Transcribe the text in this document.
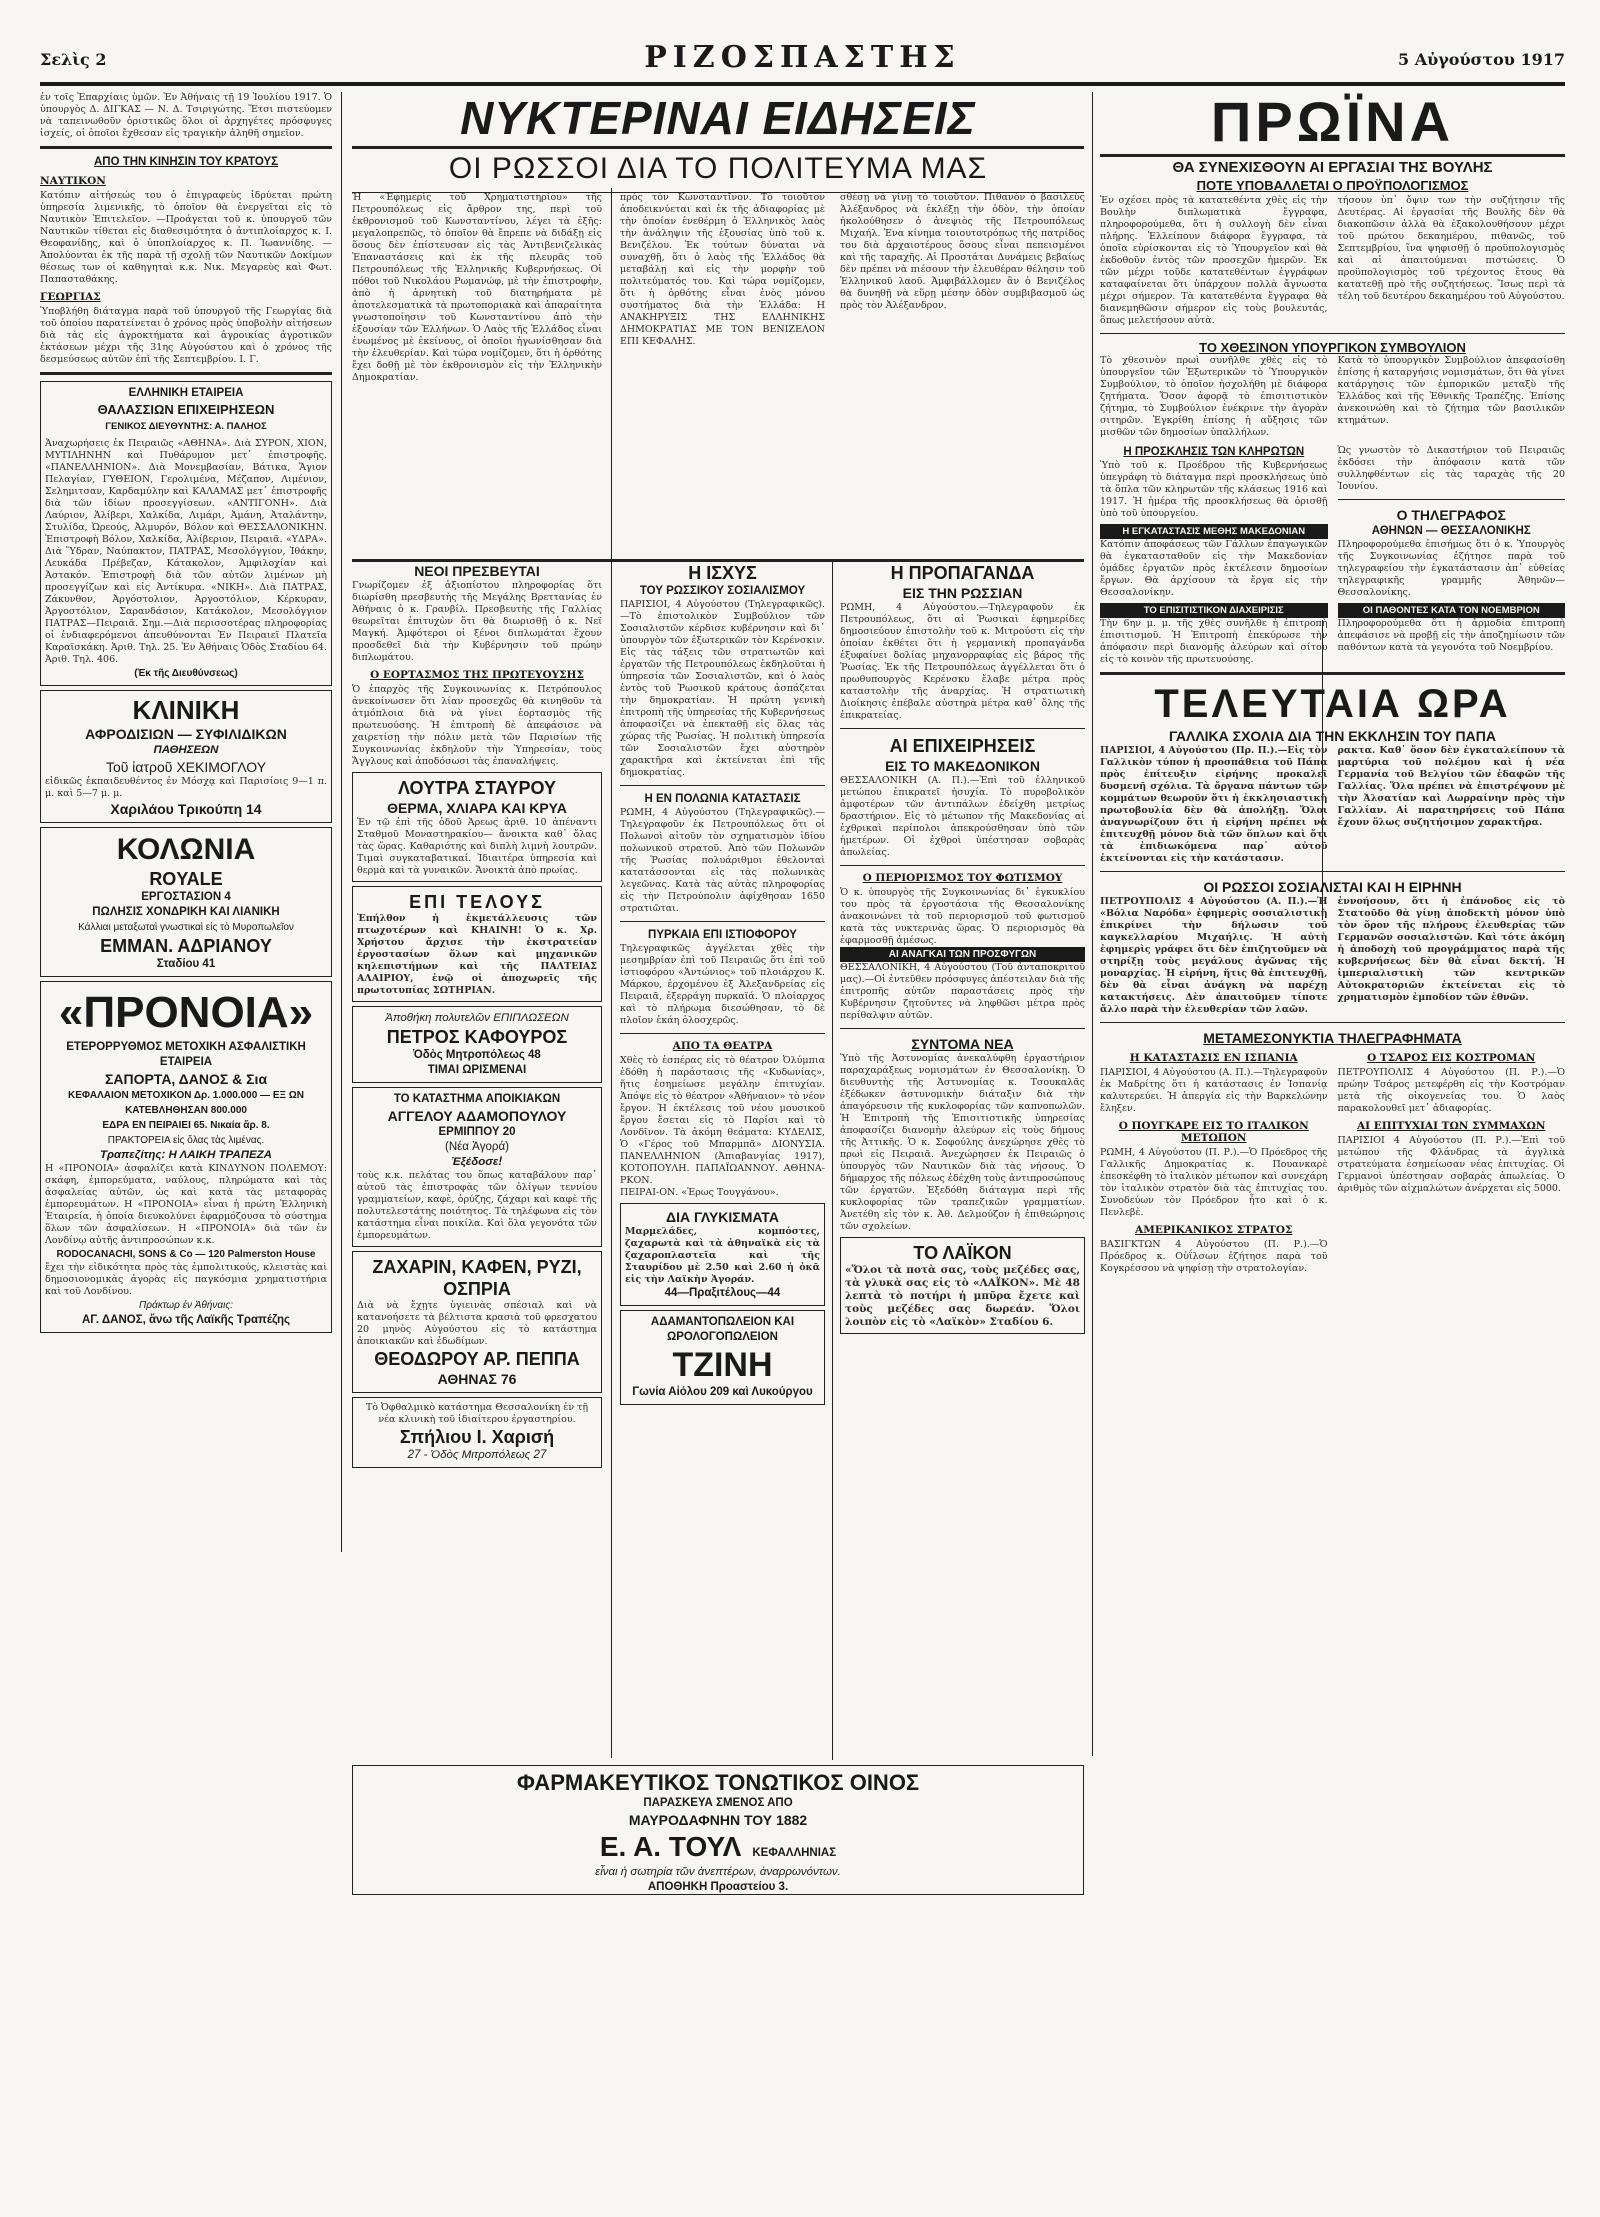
Σελὶς 2	ΡΙΖΟΣΠΑΣΤΗΣ	5 Αὐγούστου 1917

ἐν τοῖς Ἐπαρχίαις ὑμῶν. Ἐν Ἀθήναις τῇ 19 Ἰουλίου 1917. Ὁ ὑπουργὸς Δ. ΔΙΓΚΑΣ — Ν. Δ. Τσιριγώτης. Ἔτσι πιστεύομεν νὰ ταπεινωθοῦν ὁριστικῶς ὅλοι οἱ ἀρχηγέτες πρόσφυγες ἰσχείς, οἱ ὁποῖοι ἔχθεσαν εἰς τραγικὴν ἀληθῆ σημεῖον.

ΑΠΟ ΤΗΝ ΚΙΝΗΣΙΝ ΤΟΥ ΚΡΑΤΟΥΣ
ΝΑΥΤΙΚΟΝ

Κατόπιν αἰτήσεώς του ὁ ἐπιγραφεὺς ἰδρύεται πρώτη ὑπηρεσία λιμενικῆς, τὸ ὁποῖον θὰ ἐνεργεῖται εἰς τὸ Ναυτικὸν Ἐπιτελεῖον. —Προάγεται τοῦ κ. ὑπουργοῦ τῶν Ναυτικῶν τίθεται εἰς διαθεσιμότητα ὁ ἀντιπλοίαρχος κ. Ι. Θεοφανίδης, καὶ ὁ ὑποπλοίαρχος κ. Π. Ἰωαννίδης. —Ἀπολύονται ἐκ τῆς παρὰ τῇ σχολῇ τῶν Ναυτικῶν Δοκίμων θέσεως των οἱ καθηγηταὶ κ.κ. Νικ. Μεγαρεὺς καὶ Φωτ. Παπασταθάκης.

ΓΕΩΡΓΙΑΣ

Ὑποβλήθη διάταγμα παρὰ τοῦ ὑπουργοῦ τῆς Γεωργίας διὰ τοῦ ὁποίου παρατείνεται ὁ χρόνος πρὸς ὑποβολὴν αἰτήσεων διὰ τὰς εἰς ἀγροκτήματα καὶ ἀγροικίας ἀγροτικῶν ἐκτάσεων μέχρι τῆς 31ης Αὐγούστου καὶ ὁ χρόνος τῆς δεσμεύσεως αὐτῶν ἐπὶ τῆς Σεπτεμβρίου. Ι. Γ.

ΕΛΛΗΝΙΚΗ ΕΤΑΙΡΕΙΑ
ΘΑΛΑΣΣΙΩΝ ΕΠΙΧΕΙΡΗΣΕΩΝ
ΓΕΝΙΚΟΣ ΔΙΕΥΘΥΝΤΗΣ: Α. ΠΑΛΗΟΣ

Ἀναχωρήσεις ἐκ Πειραιῶς «ΑΘΗΝΑ». Διὰ ΣΥΡΟΝ, ΧΙΟΝ, ΜΥΤΙΛΗΝΗΝ καὶ Πυθάρυμον μετ᾽ ἐπιστροφῆς. «ΠΑΝΕΛΛΗΝΙΟΝ». Διὰ Μονεμβασίαν, Βάτικα, Ἅγιον Πελαγίαν, ΓΥΘΕΙΟΝ, Γερολιμένα, Μέζαπον, Λιμένιον, Σελημιτσαν, Καρδαμύλην καὶ ΚΑΛΑΜΑΣ μετ᾽ ἐπιστροφῆς διὰ τῶν ἰδίων προσεγγίσεων. «ΑΝΤΙΓΟΝΗ». Διὰ Λαύριον, Ἀλίβερι, Χαλκίδα, Λιμάρι, Ἀμάνη, Ἀταλάντην, Στυλίδα, Ὠρεούς, Ἀλμυρόν, Βόλον καὶ ΘΕΣΣΑΛΟΝΙΚΗΝ. Ἐπιστροφὴ Βόλον, Χαλκίδα, Ἀλίβεριον, Πειραιᾶ. «ΥΔΡΑ». Διὰ Ὕδραν, Ναύπακτον, ΠΑΤΡΑΣ, Μεσολόγγιον, Ἰθάκην, Λευκάδα Πρέβεζαν, Κάτακολον, Ἀμφιλοχίαν καὶ Ἀστακόν. Ἐπιστροφὴ διὰ τῶν αὐτῶν λιμένων μὴ προσεγγίζων καὶ εἰς Ἀντίκυρα. «ΝΙΚΗ». Διὰ ΠΑΤΡΑΣ, Ζάκυνθον, Ἀργόστολιον, Ἀργοστόλιον, Κέρκυραν, Ἀργοστόλιον, Σαρανδάσιον, Κατάκολον, Μεσολόγγιον ΠΑΤΡΑΣ—Πειραιᾶ. Σημ.—Διὰ περισσοτέρας πληροφορίας οἱ ἐνδιαφερόμενοι ἀπευθύνονται Ἐν Πειραιεῖ Πλατεῖα Καραϊσκάκη. Ἀριθ. Τηλ. 25. Ἐν Ἀθήναις Ὁδὸς Σταδίου 64. Ἀριθ. Τηλ. 406.

(Ἐκ τῆς Διευθύνσεως)
ΚΛΙΝΙΚΗ
ΑΦΡΟΔΙΣΙΩΝ — ΣΥΦΙΛΙΔΙΚΩΝ
ΠΑΘΗΣΕΩΝ
Τοῦ ἰατροῦ ΧΕΚΙΜΟΓΛΟΥ

εἰδικῶς ἐκπαιδευθέντος ἐν Μόσχᾳ καὶ Παρισίοις 9—1 π. μ. καὶ 5—7 μ. μ.

Χαριλάου Τρικούπη 14
ΚΟΛΩΝΙΑ
ROYALE
ΕΡΓΟΣΤΑΣΙΟΝ 4
ΠΩΛΗΣΙΣ ΧΟΝΔΡΙΚΗ ΚΑΙ ΛΙΑΝΙΚΗ
Κάλλιαι μεταξωταὶ γνωστικαὶ εἰς τὸ Μυροπωλεῖον
ΕΜΜΑΝ. ΑΔΡΙΑΝΟΥ
Σταδίου 41
«ΠΡΟΝΟΙΑ»
ΕΤΕΡΟΡΡΥΘΜΟΣ ΜΕΤΟΧΙΚΗ ΑΣΦΑΛΙΣΤΙΚΗ ΕΤΑΙΡΕΙΑ
ΣΑΠΟΡΤΑ, ΔΑΝΟΣ & Σια
ΚΕΦΑΛΑΙΟΝ ΜΕΤΟΧΙΚΟΝ Δρ. 1.000.000 — ΕΞ ΩΝ ΚΑΤΕΒΛΗΘΗΣΑΝ 800.000
ΕΔΡΑ ΕΝ ΠΕΙΡΑΙΕΙ 65. Νικαία ἄρ. 8.
ΠΡΑΚΤΟΡΕΙΑ εἰς ὅλας τὰς λιμένας.
Τραπεζίτης: Η ΛΑΙΚΗ ΤΡΑΠΕΖΑ

Η «ΠΡΟΝΟΙΑ» ἀσφαλίζει κατὰ ΚΙΝΔΥΝΟΝ ΠΟΛΕΜΟΥ: σκάφη, ἐμπορεύματα, ναύλους, πληρώματα καὶ τὰς ἀσφαλείας αὐτῶν, ὡς καὶ κατὰ τὰς μεταφορὰς ἐμπορευμάτων. Η «ΠΡΟΝΟΙΑ» εἶναι ἡ πρώτη Ἑλληνικὴ Ἑταιρεία, ἡ ὁποία διευκολύνει ἐφαρμόζουσα τὸ σύστημα ὅλων τῶν ἀσφαλίσεων. Η «ΠΡΟΝΟΙΑ» διὰ τῶν ἐν Λονδίνῳ αὐτῆς ἀντιπροσώπων κ.κ.

RODOCANACHI, SONS & Co — 120 Palmerston House

ἔχει τὴν εἰδικότητα πρὸς τὰς ἐμπολιτικούς, κλειστὰς καὶ δημοσιονομικὰς ἀγορὰς εἰς παγκόσμια χρηματιστήρια καὶ τοῦ Λονδίνου.

Πράκτωρ ἐν Ἀθήναις:
ΑΓ. ΔΑΝΟΣ, ἄνω τῆς Λαϊκῆς Τραπέζης
ΝΥΚΤΕΡΙΝΑΙ ΕΙΔΗΣΕΙΣ
ΟΙ ΡΩΣΣΟΙ ΔΙΑ ΤΟ ΠΟΛΙΤΕΥΜΑ ΜΑΣ

Ἡ «Ἐφημερὶς τοῦ Χρηματιστηρίου» τῆς Πετρουπόλεως εἰς ἄρθρον της, περὶ τοῦ ἐκθρονισμοῦ τοῦ Κωνσταντίνου, λέγει τὰ ἑξῆς: μεγαλοπρεπῶς, τὸ ὁποῖον θὰ ἔπρεπε νὰ διδάξῃ εἰς ὅσους δὲν ἐπίστευσαν εἰς τὰς Ἀντιβενιζελικὰς Ἐπαναστάσεις καὶ ἐκ τῆς πλευρᾶς τοῦ Πετρουπόλεως τῆς Ἑλληνικῆς Κυβερνήσεως. Οἱ πόθοι τοῦ Νικολάου Ρωμανώφ, μὲ τὴν ἐπιστροφὴν, ἀπὸ ἡ ἀρνητικὴ τοῦ διατηρήματα μὲ ἀποτελεσματικὰ τὰ πρωτοποριακὰ καὶ ἀπαραίτητα γνωστοποίησιν τοῦ Κωνσταντίνου ἀπὸ τὴν ἐξουσίαν τῶν Ἑλλήνων. Ὁ Λαὸς τῆς Ἑλλάδος εἶναι ἐνωμένος μὲ ἐκείνους, οἱ ὁποῖοι ἠγωνίσθησαν διὰ τὴν ἐλευθερίαν. Καὶ τώρα νομίζομεν, ὅτι ἡ ὀρθότης ἔχει δοθῇ μὲ τὸν ἐκθρονισμὸν εἰς τὴν Ἑλληνικὴν Δημοκρατίαν.

πρὸς τὸν Κωνσταντῖνον. Τὸ τοιοῦτον ἀποδεικνύεται καὶ ἐκ τῆς ἀδιαφορίας μὲ τὴν ὁποίαν ἐνεθέρμη ὁ Ἑλληνικὸς λαὸς τὴν ἀνάληψιν τῆς ἐξουσίας ὑπὸ τοῦ κ. Βενιζέλου. Ἐκ τούτων δύναται νὰ συναχθῇ, ὅτι ὁ λαὸς τῆς Ἑλλάδος θὰ μεταβάλῃ καὶ εἰς τὴν μορφὴν τοῦ πολιτεύματός του. Καὶ τώρα νομίζομεν, ὅτι ἡ ὀρθότης εἶναι ἐνὸς μόνου συστήματος διὰ τὴν Ἑλλάδα: Η ΑΝΑΚΗΡΥΞΙΣ ΤΗΣ ΕΛΛΗΝΙΚΗΣ ΔΗΜΟΚΡΑΤΙΑΣ ΜΕ ΤΟΝ ΒΕΝΙΖΕΛΟΝ ΕΠΙ ΚΕΦΑΛΗΣ.

σθέσῃ νὰ γίνῃ τὸ τοιοῦτον. Πιθανὸν ὁ βασιλεὺς Ἀλέξανδρος νὰ ἐκλέξῃ τὴν ὁδὸν, τὴν ὁποίαν ἠκολούθησεν ὁ ἀνεψιὸς τῆς Πετρουπόλεως Μιχαήλ. Ἐνα κίνημα τοιουτοτρόπως τῆς πατρίδος του διὰ ἀρχαιοτέρους ὅσους εἶναι πεπεισμένοι καὶ τῆς ταραχῆς. Αἱ Προστάται Δυνάμεις βεβαίως δὲν πρέπει νὰ πιέσουν τὴν ἐλευθέραν θέλησιν τοῦ Ἑλληνικοῦ λαοῦ. Ἀμφιβάλλομεν ἂν ὁ Βενιζέλος θὰ δυνηθῇ νὰ εὕρῃ μέσην ὁδὸν συμβιβασμοῦ ὡς πρὸς τὸν Ἀλέξανδρον.

ΝΕΟΙ ΠΡΕΣΒΕΥΤΑΙ

Γνωρίζομεν ἐξ ἀξιοπίστου πληροφορίας ὅτι διωρίσθη πρεσβευτὴς τῆς Μεγάλης Βρεττανίας ἐν Ἀθήναις ὁ κ. Γρανβίλ. Πρεσβευτὴς τῆς Γαλλίας θεωρεῖται ἐπιτυχὼν ὅτι θὰ διωρισθῇ ὁ κ. Νεϊ Μαγκή. Ἀμφότεροι οἱ ξένοι διπλωμάται ἔχουν προσδεθεῖ διὰ τὴν Κυβέρνησιν τοῦ πρώην διπλωμάτου.

Ο ΕΟΡΤΑΣΜΟΣ ΤΗΣ ΠΡΩΤΕΥΟΥΣΗΣ

Ὁ ἐπαρχὸς τῆς Συγκοινωνίας κ. Πετρόπουλος ἀνεκοίνωσεν ὅτι λίαν προσεχῶς θὰ κινηθοῦν τὰ ἀτμόπλοια διὰ νὰ γίνει ἑορτασμὸς τῆς πρωτευούσης. Ἡ ἐπιτροπὴ δὲ ἀπεφάσισε νὰ χαιρετίσῃ τὴν πόλιν μετὰ τῶν Παρισίων τῆς Συγκοινωνίας ἐκδηλοῦν τὴν Ὑπηρεσίαν, τοὺς Ἄγγλους καὶ ἀποδόσωσι τὰς ἐπαναλήψεις.

ΛΟΥΤΡΑ ΣΤΑΥΡΟΥ
ΘΕΡΜΑ, ΧΛΙΑΡΑ ΚΑΙ ΚΡΥΑ

Ἐν τῷ ἐπὶ τῆς ὁδοῦ Ἀρεως ἀριθ. 10 ἀπέναντι Σταθμοῦ Μοναστηρακίου— ἄνοικτα καθ᾽ ὅλας τὰς ὥρας. Καθαριότης καὶ διπλὴ λιμνὴ λουτρῶν. Τιμαὶ συγκαταβατικαί. Ἰδιαιτέρα ὑπηρεσία καὶ θερμὰ καὶ τὰ γυναικῶν. Ἄνοικτὰ ἀπὸ πρωίας.

ΕΠΙ ΤΕΛΟΥΣ

Ἐπήλθον ἡ ἐκμετάλλευσις τῶν πτωχοτέρων καὶ ΚΗΑΙΝΗ! Ὁ κ. Χρ. Χρήστου ἄρχισε τὴν ἐκστρατείαν ἐργοστασίων ὅλων καὶ μηχανικῶν κηλεπιστήμων καὶ τῆς ΠΑΛΤΕΙΑΣ ΑΛΑΙΡΙΟΥ, ἐνῷ οἱ ἀποχωρεῖς τῆς πρωτοτυπίας ΣΩΤΗΡΙΑΝ.

Ἀποθήκη πολυτελῶν ΕΠΙΠΛΩΣΕΩΝ
ΠΕΤΡΟΣ ΚΑΦΟΥΡΟΣ
Ὁδὸς Μητροπόλεως 48
ΤΙΜΑΙ ΩΡΙΣΜΕΝΑΙ
ΤΟ ΚΑΤΑΣΤΗΜΑ ΑΠΟΙΚΙΑΚΩΝ
ΑΓΓΕΛΟΥ ΑΔΑΜΟΠΟΥΛΟΥ
ΕΡΜΙΠΠΟΥ 20
(Νέα Ἀγορά)
Ἐξέδοσε!

τοὺς κ.κ. πελάτας του ὅπως καταβάλουν παρ᾽ αὐτοῦ τὰς ἐπιστροφὰς τῶν ὀλίγων τεννίου γραμματείων, καφὲ, ὀρύζης, ζάχαρι καὶ καφὲ τῆς πολυτελεστάτης ποιότητος. Τὰ τηλέφωνα εἰς τὸν κατάστημα εἶναι ποικίλα. Καὶ ὅλα γεγονότα τῶν ἐμπορευμάτων.

ΖΑΧΑΡΙΝ, ΚΑΦΕΝ, ΡΥΖΙ, ΟΣΠΡΙΑ

Διὰ νὰ ἔχῃτε ὑγιεινὰς σπέσιαλ καὶ νὰ κατανοήσετε τὰ βέλτιστα κρασιὰ τοῦ φρεσχατου 20 μηνὸς Αὐγούστου εἰς τὸ κατάστημα ἀποικιακῶν καὶ ἐδωδίμων.

ΘΕΟΔΩΡΟΥ ΑΡ. ΠΕΠΠΑ
ΑΘΗΝΑΣ 76

Τὸ Ὀφθαλμικὸ κατάστημα Θεσσαλονίκη ἐν τῇ νέα κλινικὴ τοῦ ἰδιαίτερου ἐργαστηρίου.

Σπήλιου Ι. Χαρισή
27 - Ὁδὸς Μιτροπόλεως 27
Η ΙΣΧΥΣ
ΤΟΥ ΡΩΣΣΙΚΟΥ ΣΟΣΙΑΛΙΣΜΟΥ

ΠΑΡΙΣΙΟΙ, 4 Αὐγούστου (Τηλεγραφικῶς).—Τὸ ἐπιστολικὸν Συμβούλιον τῶν Σοσιαλιστῶν κέρδισε κυβέρνησιν καὶ δι᾽ ὑπουργὸν τῶν ἐξωτερικῶν τὸν Κερένσκιν. Εἰς τὰς τάξεις τῶν στρατιωτῶν καὶ ἐργατῶν τῆς Πετρουπόλεως ἐκδηλοῦται ἡ ὑπηρεσία τῶν Σοσιαλιστῶν, καὶ ὁ λαὸς ἐντὸς τοῦ Ῥωσικοῦ κράτους ἀσπάζεται τὴν δημοκρατίαν. Ἡ πρώτη γενικὴ ἐπιτροπὴ τῆς ὑπηρεσίας τῆς Κυβερνήσεως ἀποφασίζει νὰ ἐπεκταθῇ εἰς ὅλας τὰς χώρας τῆς Ῥωσίας. Ἡ πολιτικὴ ὑπηρεσία τῶν Σοσιαλιστῶν ἔχει αὐστηρὸν χαρακτῆρα καὶ ἐκτείνεται ἐπὶ τῆς δημοκρατίας.

Η ΕΝ ΠΟΛΩΝΙΑ ΚΑΤΑΣΤΑΣΙΣ

ΡΩΜΗ, 4 Αὐγούστου (Τηλεγραφικῶς).—Τηλεγραφοῦν ἐκ Πετρουπόλεως ὅτι οἱ Πολωνοὶ αἰτοῦν τὸν σχηματισμὸν ἰδίου πολωνικοῦ στρατοῦ. Ἀπὸ τῶν Πολωνῶν τῆς Ῥωσίας πολυάριθμοι ἐθελονταὶ κατατάσσονται εἰς τὰς πολωνικὰς λεγεῶνας. Κατὰ τὰς αὐτὰς πληροφορίας εἰς τὴν Πετρούπολιν ἀφίχθησαν 1650 στρατιῶται.

ΠΥΡΚΑΙΑ ΕΠΙ ΙΣΤΙΟΦΟΡΟΥ

Τηλεγραφικῶς ἀγγέλεται χθὲς τὴν μεσημβρίαν ἐπὶ τοῦ Πειραιῶς ὅτι ἐπὶ τοῦ ἱστιοφόρου «Ἀντώνιος» τοῦ πλοιάρχου Κ. Μάρκου, ἐρχομένου ἐξ Ἀλεξανδρείας εἰς Πειραιᾶ, ἐξερράγη πυρκαϊά. Ὁ πλοίαρχος καὶ τὸ πλήρωμα διεσώθησαν, τὸ δὲ πλοῖον ἐκάη ὁλοσχερῶς.

ΑΠΟ ΤΑ ΘΕΑΤΡΑ

Χθὲς τὸ ἑσπέρας εἰς τὸ θέατρον Ὀλύμπια ἐδόθη ἡ παράστασις τῆς «Κυδωνίας», ἥτις ἐσημείωσε μεγάλην ἐπιτυχίαν. Ἀπόψε εἰς τὸ θέατρον «Ἀθήναιον» τὸ νέον ἔργον. Ἡ ἐκτέλεσις τοῦ νέου μουσικοῦ ἔργου ἔσεται εἰς τὸ Παρίσι καὶ τὸ Λονδῖνον. Τὰ ἀκόμη θεάματα: ΚΥΔΕΛΙΣ, Ὁ «Γέρος τοῦ Μπαρμπᾶ» ΔΙΟΝΥΣΙΑ. ΠΑΝΕΛΛΗΝΙΟΝ (Ἀπιαβανγίας 1917), ΚΟΤΟΠΟΥΛΗ. ΠΑΠΑΪΩΑΝΝΟΥ. ΑΘΗΝΑ-ΡΚΟΝ.

ΠΕΙΡΑΙ-ΟΝ. «Ἐρως Τουγγάνου».

ΔΙΑ ΓΛΥΚΙΣΜΑΤΑ

Μαρμελάδες, κομπόστες, ζαχαρωτὰ καὶ τὰ ἀθηναϊκὰ εἰς τὰ ζαχαροπλαστεῖα καὶ τῆς Σταυρίδου μὲ 2.50 καὶ 2.60 ἡ ὀκᾶ εἰς τὴν Λαϊκὴν Ἀγοράν.

44—Πραξιτέλους—44
ΑΔΑΜΑΝΤΟΠΩΛΕΙΟΝ ΚΑΙ ΩΡΟΛΟΓΟΠΩΛΕΙΟΝ
ΤΖΙΝΗ
Γωνία Αἰόλου 209 καὶ Λυκούργου
Η ΠΡΟΠΑΓΑΝΔΑ
ΕΙΣ ΤΗΝ ΡΩΣΣΙΑΝ

ΡΩΜΗ, 4 Αὐγούστου.—Τηλεγραφοῦν ἐκ Πετρουπόλεως, ὅτι αἱ Ῥωσικαὶ ἐφημερίδες δημοσιεύουν ἐπιστολὴν τοῦ κ. Μιτρούστι εἰς τὴν ὁποίαν ἐκθέτει ὅτι ἡ γερμανικὴ προπαγάνδα ἐξυφαίνει δολίας μηχανορραφίας εἰς βάρος τῆς Ῥωσίας. Ἐκ τῆς Πετρουπόλεως ἀγγέλλεται ὅτι ὁ πρωθυπουργὸς Κερένσκυ ἔλαβε μέτρα πρὸς καταστολὴν τῆς ἀναρχίας. Ἡ στρατιωτικὴ Διοίκησις ἐπέβαλε αὐστηρὰ μέτρα καθ᾽ ὅλης τῆς ἐπικρατείας.

ΑΙ ΕΠΙΧΕΙΡΗΣΕΙΣ
ΕΙΣ ΤΟ ΜΑΚΕΔΟΝΙΚΟΝ

ΘΕΣΣΑΛΟΝΙΚΗ (Α. Π.).—Ἐπὶ τοῦ ἐλληνικοῦ μετώπου ἐπικρατεῖ ἡσυχία. Τὸ πυροβολικὸν ἀμφοτέρων τῶν ἀντιπάλων ἐδείχθη μετρίως δραστήριον. Εἰς τὸ μέτωπον τῆς Μακεδονίας αἱ ἐχθρικαὶ περίπολοι ἀπεκρούσθησαν ὑπὸ τῶν ἡμετέρων. Οἱ ἐχθροὶ ὑπέστησαν σοβαρὰς ἀπωλείας.

Ο ΠΕΡΙΟΡΙΣΜΟΣ ΤΟΥ ΦΩΤΙΣΜΟΥ

Ὁ κ. ὑπουργὸς τῆς Συγκοινωνίας δι᾽ ἐγκυκλίου του πρὸς τὰ ἐργοστάσια τῆς Θεσσαλονίκης ἀνακοινώνει τὰ τοῦ περιορισμοῦ τοῦ φωτισμοῦ κατὰ τὰς νυκτερινὰς ὥρας. Ὁ περιορισμὸς θὰ ἐφαρμοσθῇ ἀμέσως.

ΑΙ ΑΝΑΓΚΑΙ ΤΩΝ ΠΡΟΣΦΥΓΩΝ

ΘΕΣΣΑΛΟΝΙΚΗ, 4 Αὐγούστου (Τοῦ ἀνταποκριτοῦ μας).—Οἱ ἐντεῦθεν πρόσφυγες ἀπέστειλαν διὰ τῆς ἐπιτροπῆς αὐτῶν παραστάσεις πρὸς τὴν Κυβέρνησιν ζητοῦντες νὰ ληφθῶσι μέτρα πρὸς περίθαλψιν αὐτῶν.

ΣΥΝΤΟΜΑ ΝΕΑ

Ὑπὸ τῆς Ἀστυνομίας ἀνεκαλύφθη ἐργαστήριον παραχαράξεως νομισμάτων ἐν Θεσσαλονίκῃ. Ὁ διευθυντὴς τῆς Ἀστυνομίας κ. Τσουκαλᾶς ἐξέδωκεν ἀστυνομικὴν διάταξιν διὰ τὴν ἀπαγόρευσιν τῆς κυκλοφορίας τῶν καπνοπωλῶν. Ἡ Ἐπιτροπὴ τῆς Ἐπισιτιστικῆς ὑπηρεσίας ἀποφασίζει διανομὴν ἀλεύρων εἰς τοὺς δήμους τῆς Ἀττικῆς. Ὁ κ. Σοφούλης ἀνεχώρησε χθὲς τὸ πρωὶ εἰς Πειραιᾶ. Ἀνεχώρησεν ἐκ Πειραιῶς ὁ ὑπουργὸς τῶν Ναυτικῶν διὰ τὰς νήσους. Ὁ δήμαρχος τῆς πόλεως ἐδέχθη τοὺς ἀντιπροσώπους τῶν ἐργατῶν. Ἐξεδόθη διάταγμα περὶ τῆς κυκλοφορίας τῶν τραπεζικῶν γραμματίων. Ἀνετέθη εἰς τὸν κ. Ἀθ. Δελμούζον ἡ ἐπιθεώρησις τῶν σχολείων.

ΤΟ ΛΑΪΚΟΝ

«Ὅλοι τὰ ποτὰ σας, τοὺς μεζέδες σας, τὰ γλυκὰ σας εἰς τὸ «ΛΑΪΚΟΝ». Μὲ 48 λεπτὰ τὸ ποτήρι ἡ μπῦρα ἔχετε καὶ τοὺς μεζέδες σας δωρεάν. Ὅλοι λοιπὸν εἰς τὸ «Λαϊκὸν» Σταδίου 6.

ΠΡΩΪΝΑ
ΘΑ ΣΥΝΕΧΙΣΘΟΥΝ ΑΙ ΕΡΓΑΣΙΑΙ ΤΗΣ ΒΟΥΛΗΣ
ΠΟΤΕ ΥΠΟΒΑΛΛΕΤΑΙ Ο ΠΡΟΫΠΟΛΟΓΙΣΜΟΣ

Ἐν σχέσει πρὸς τὰ κατατεθέντα χθὲς εἰς τὴν Βουλὴν διπλωματικὰ ἔγγραφα, πληροφορούμεθα, ὅτι ἡ συλλογὴ δὲν εἶναι πλήρης. Ἐλλείπουν διάφορα ἔγγραφα, τὰ ὁποῖα εὑρίσκονται εἰς τὸ Ὑπουργεῖον καὶ θὰ ἐκδοθοῦν ἐντὸς τῶν προσεχῶν ἡμερῶν. Ἐκ τῶν μέχρι τοῦδε κατατεθέντων ἐγγράφων καταφαίνεται ὅτι ὑπάρχουν πολλὰ ἄγνωστα μέχρι σήμερον. Τὰ κατατεθέντα ἔγγραφα θὰ διανεμηθῶσιν σήμερον εἰς τοὺς βουλευτάς, ὅπως μελετήσουν αὐτὰ.

τήσουν ὑπ᾽ ὄψιν των τὴν συζήτησιν τῆς Δευτέρας. Αἱ ἐργασίαι τῆς Βουλῆς δὲν θὰ διακοπῶσιν ἀλλὰ θὰ ἐξακολουθήσουν μέχρι τοῦ πρώτου δεκαημέρου, πιθανῶς, τοῦ Σεπτεμβρίου, ἵνα ψηφισθῇ ὁ προϋπολογισμὸς καὶ αἱ ἀπαιτούμεναι πιστώσεις. Ὁ προϋπολογισμὸς τοῦ τρέχοντος ἔτους θὰ κατατεθῇ πρὸ τῆς συζητήσεως. Ἴσως περὶ τὰ τέλη τοῦ δευτέρου δεκαημέρου τοῦ Αὐγούστου.

ΤΟ ΧΘΕΣΙΝΟΝ ΥΠΟΥΡΓΙΚΟΝ ΣΥΜΒΟΥΛΙΟΝ

Τὸ χθεσινὸν πρωὶ συνῆλθε χθὲς εἰς τὸ ὑπουργεῖον τῶν Ἐξωτερικῶν τὸ Ὑπουργικὸν Συμβούλιον, τὸ ὁποῖον ἠσχολήθη μὲ διάφορα ζητήματα. Ὅσον ἀφορᾷ τὸ ἐπισιτιστικὸν ζήτημα, τὸ Συμβούλιον ἐνέκρινε τὴν ἀγορὰν σιτηρῶν. Ἐγκρίθη ἐπίσης ἡ αὔξησις τῶν μισθῶν τῶν δημοσίων ὑπαλλήλων.

Κατὰ τὸ ὑπουργικὸν Συμβούλιον ἀπεφασίσθη ἐπίσης ἡ καταργήσις νομισμάτων, ὅτι θὰ γίνει κατάργησις τῶν ἐμπορικῶν μεταξὺ τῆς Ἑλλάδος καὶ τῆς Ἐθνικῆς Τραπέζης. Ἐπίσης ἀνεκοινώθη καὶ τὸ ζήτημα τῶν βασιλικῶν κτημάτων.

Η ΠΡΟΣΚΛΗΣΙΣ ΤΩΝ ΚΛΗΡΩΤΩΝ

Ὑπὸ τοῦ κ. Προέδρου τῆς Κυβερνήσεως ὑπεγράφη τὸ διάταγμα περὶ προσκλήσεως ὑπὸ τὰ ὅπλα τῶν κληρωτῶν τῆς κλάσεως 1916 καὶ 1917. Ἡ ἡμέρα τῆς προσκλήσεως θὰ ὁρισθῇ ὑπὸ τοῦ ὑπουργείου.

Η ΕΓΚΑΤΑΣΤΑΣΙΣ ΜΕΘΗΣ ΜΑΚΕΔΟΝΙΑΝ

Κατόπιν ἀποφάσεως τῶν Γάλλων ἐπαγωγικῶν θὰ ἐγκατασταθοῦν εἰς τὴν Μακεδονίαν ὁμάδες ἐργατῶν πρὸς ἐκτέλεσιν δημοσίων ἔργων. Θὰ ἀρχίσουν τὰ ἔργα εἰς τὴν Θεσσαλονίκην.

ΤΟ ΕΠΙΣΙΤΙΣΤΙΚΟΝ ΔΙΑΧΕΙΡΙΣΙΣ

Τὴν 6ην μ. μ. τῆς χθὲς συνῆλθε ἡ ἐπιτροπὴ ἐπισιτισμοῦ. Ἡ Ἐπιτροπὴ ἐπεκύρωσε τὴν ἀπόφασιν περὶ διανομῆς ἀλεύρων καὶ σίτου εἰς τὸ κοινὸν τῆς πρωτευούσης.

Ὡς γνωστὸν τὸ Δικαστήριον τοῦ Πειραιῶς ἐκδόσει τὴν ἀπόφασιν κατὰ τῶν συλληφθέντων εἰς τὰς ταραχὰς τῆς 20 Ἰουνίου.

Ο ΤΗΛΕΓΡΑΦΟΣ
ΑΘΗΝΩΝ — ΘΕΣΣΑΛΟΝΙΚΗΣ

Πληροφορούμεθα ἐπισήμως ὅτι ὁ κ. Ὑπουργὸς τῆς Συγκοινωνίας ἐζήτησε παρὰ τοῦ τηλεγραφείου τὴν ἐγκατάστασιν ἀπ᾽ εὐθείας τηλεγραφικῆς γραμμῆς Ἀθηνῶν—Θεσσαλονίκης.

ΟΙ ΠΑΘΟΝΤΕΣ ΚΑΤΑ ΤΟΝ ΝΟΕΜΒΡΙΟΝ

Πληροφορούμεθα ὅτι ἡ ἀρμοδία ἐπιτροπὴ ἀπεφάσισε νὰ προβῇ εἰς τὴν ἀποζημίωσιν τῶν παθόντων κατὰ τὰ γεγονότα τοῦ Νοεμβρίου.

ΤΕΛΕΥΤΑΙΑ ΩΡΑ
ΓΑΛΛΙΚΑ ΣΧΟΛΙΑ ΔΙΑ ΤΗΝ ΕΚΚΛΗΣΙΝ ΤΟΥ ΠΑΠΑ

ΠΑΡΙΣΙΟΙ, 4 Αὐγούστου (Πρ. Π.).—Εἰς τὸν Γαλλικὸν τύπον ἡ προσπάθεια τοῦ Πάπα πρὸς ἐπίτευξιν εἰρήνης προκαλεῖ δυσμενῆ σχόλια. Τὰ ὄργανα πάντων τῶν κομμάτων θεωροῦν ὅτι ἡ ἐκκλησιαστικὴ πρωτοβουλία δὲν θὰ ἀπολήξῃ. Ὅλοι ἀναγνωρίζουν ὅτι ἡ εἰρήνη πρέπει νὰ ἐπιτευχθῇ μόνον διὰ τῶν ὅπλων καὶ ὅτι τὰ ἐπιδιωκόμενα παρ᾽ αὐτοῦ ἐκτείνονται εἰς τὴν κατάστασιν.

ρακτα. Καθ᾽ ὅσον δὲν ἐγκαταλείπουν τὰ μαρτύρια τοῦ πολέμου καὶ ἡ νέα Γερμανία τοῦ Βελγίου τῶν ἐδαφῶν τῆς Γαλλίας. Ὅλα πρέπει νὰ ἐπιστρέψουν μὲ τὴν Ἀλσατίαν καὶ Λωρραίνην πρὸς τὴν Γαλλίαν. Αἱ παρατηρήσεις τοῦ Πάπα ἔχουν ὅλως συζητήσιμον χαρακτῆρα.

ΟΙ ΡΩΣΣΟΙ ΣΟΣΙΑΛΙΣΤΑΙ ΚΑΙ Η ΕΙΡΗΝΗ

ΠΕΤΡΟΥΠΟΛΙΣ 4 Αὐγούστου (Α. Π.).—Ἡ «Βόλια Ναρόδα» ἐφημερὶς σοσιαλιστικὴ ἐπικρίνει τὴν δήλωσιν τοῦ καγκελλαρίου Μιχαήλις. Ἡ αὐτὴ ἐφημερὶς γράφει ὅτι δὲν ἐπιζητοῦμεν νὰ στηρίξῃ τοὺς μεγάλους ἀγῶνας τῆς μοναρχίας. Ἡ εἰρήνη, ἥτις θὰ ἐπιτευχθῇ, δὲν θὰ εἶναι ἀνάγκη νὰ παρέχῃ κατακτήσεις. Δὲν ἀπαιτοῦμεν τίποτε ἄλλο παρὰ τὴν ἐλευθερίαν τῶν λαῶν.

ἐννοήσουν, ὅτι ἡ ἐπάνοδος εἰς τὸ Στατοῦδο θὰ γίνῃ ἀποδεκτὴ μόνον ὑπὸ τὸν ὅρον τῆς πλήρους ἐλευθερίας τῶν Γερμανῶν σοσιαλιστῶν. Καὶ τότε ἀκόμη ἡ ἀποδοχὴ τοῦ προγράμματος παρὰ τῆς κυβερνήσεως δὲν θὰ εἶναι δεκτή. Ἡ ἰμπεριαλιστικὴ τῶν κεντρικῶν Αὐτοκρατοριῶν ἐκτείνεται εἰς τὸ χρηματισμὸν ἐμποδίον τῶν ἐθνῶν.

ΜΕΤΑΜΕΣΟΝΥΚΤΙΑ ΤΗΛΕΓΡΑΦΗΜΑΤΑ
Η ΚΑΤΑΣΤΑΣΙΣ ΕΝ ΙΣΠΑΝΙΑ

ΠΑΡΙΣΙΟΙ, 4 Αὐγούστου (Α. Π.).—Τηλεγραφοῦν ἐκ Μαδρίτης ὅτι ἡ κατάστασις ἐν Ἰσπανίᾳ καλυτερεύει. Ἡ ἀπεργία εἰς τὴν Βαρκελώνην ἔληξεν.

Ο ΠΟΥΓΚΑΡΕ ΕΙΣ ΤΟ ΙΤΑΛΙΚΟΝ ΜΕΤΩΠΟΝ

ΡΩΜΗ, 4 Αὐγούστου (Π. Ρ.).—Ὁ Πρόεδρος τῆς Γαλλικῆς Δημοκρατίας κ. Πουανκαρὲ ἐπεσκέφθη τὸ ἰταλικὸν μέτωπον καὶ συνεχάρη τὸν ἰταλικὸν στρατὸν διὰ τὰς ἐπιτυχίας του. Συνοδεύων τὸν Πρόεδρον ἦτο καὶ ὁ κ. Πενλεβὲ.

ΑΜΕΡΙΚΑΝΙΚΟΣ ΣΤΡΑΤΟΣ

ΒΑΣΙΓΚΤΩΝ 4 Αὐγούστου (Π. Ρ.).—Ὁ Πρόεδρος κ. Οὐΐλσων ἐζήτησε παρὰ τοῦ Κογκρέσσου νὰ ψηφίσῃ τὴν στρατολογίαν.

Ο ΤΣΑΡΟΣ ΕΙΣ ΚΟΣΤΡΟΜΑΝ

ΠΕΤΡΟΥΠΟΛΙΣ 4 Αὐγούστου (Π. Ρ.).—Ὁ πρώην Τσάρος μετεφέρθη εἰς τὴν Κοστρόμαν μετὰ τῆς οἰκογενείας του. Ὁ λαὸς παρακολουθεῖ μετ᾽ ἀδιαφορίας.

ΑΙ ΕΠΙΤΥΧΙΑΙ ΤΩΝ ΣΥΜΜΑΧΩΝ

ΠΑΡΙΣΙΟΙ 4 Αὐγούστου (Π. Ρ.).—Ἐπὶ τοῦ μετώπου τῆς Φλάνδρας τὰ ἀγγλικὰ στρατεύματα ἐσημείωσαν νέας ἐπιτυχίας. Οἱ Γερμανοὶ ὑπέστησαν σοβαρὰς ἀπωλείας. Ὁ ἀριθμὸς τῶν αἰχμαλώτων ἀνέρχεται εἰς 5000.

ΦΑΡΜΑΚΕΥΤΙΚΟΣ ΤΟΝΩΤΙΚΟΣ ΟΙΝΟΣ
ΠΑΡΑΣΚΕΥΑ ΣΜΕΝΟΣ ΑΠΟ
ΜΑΥΡΟΔΑΦΝΗΝ ΤΟΥ 1882
Ε. Α. ΤΟΥΛ ΚΕΦΑΛΛΗΝΙΑΣ
εἶναι ἡ σωτηρία τῶν ἀνεπτέρων, ἀναρρωνόντων.
ΑΠΟΘΗΚΗ Προαστείου 3.
